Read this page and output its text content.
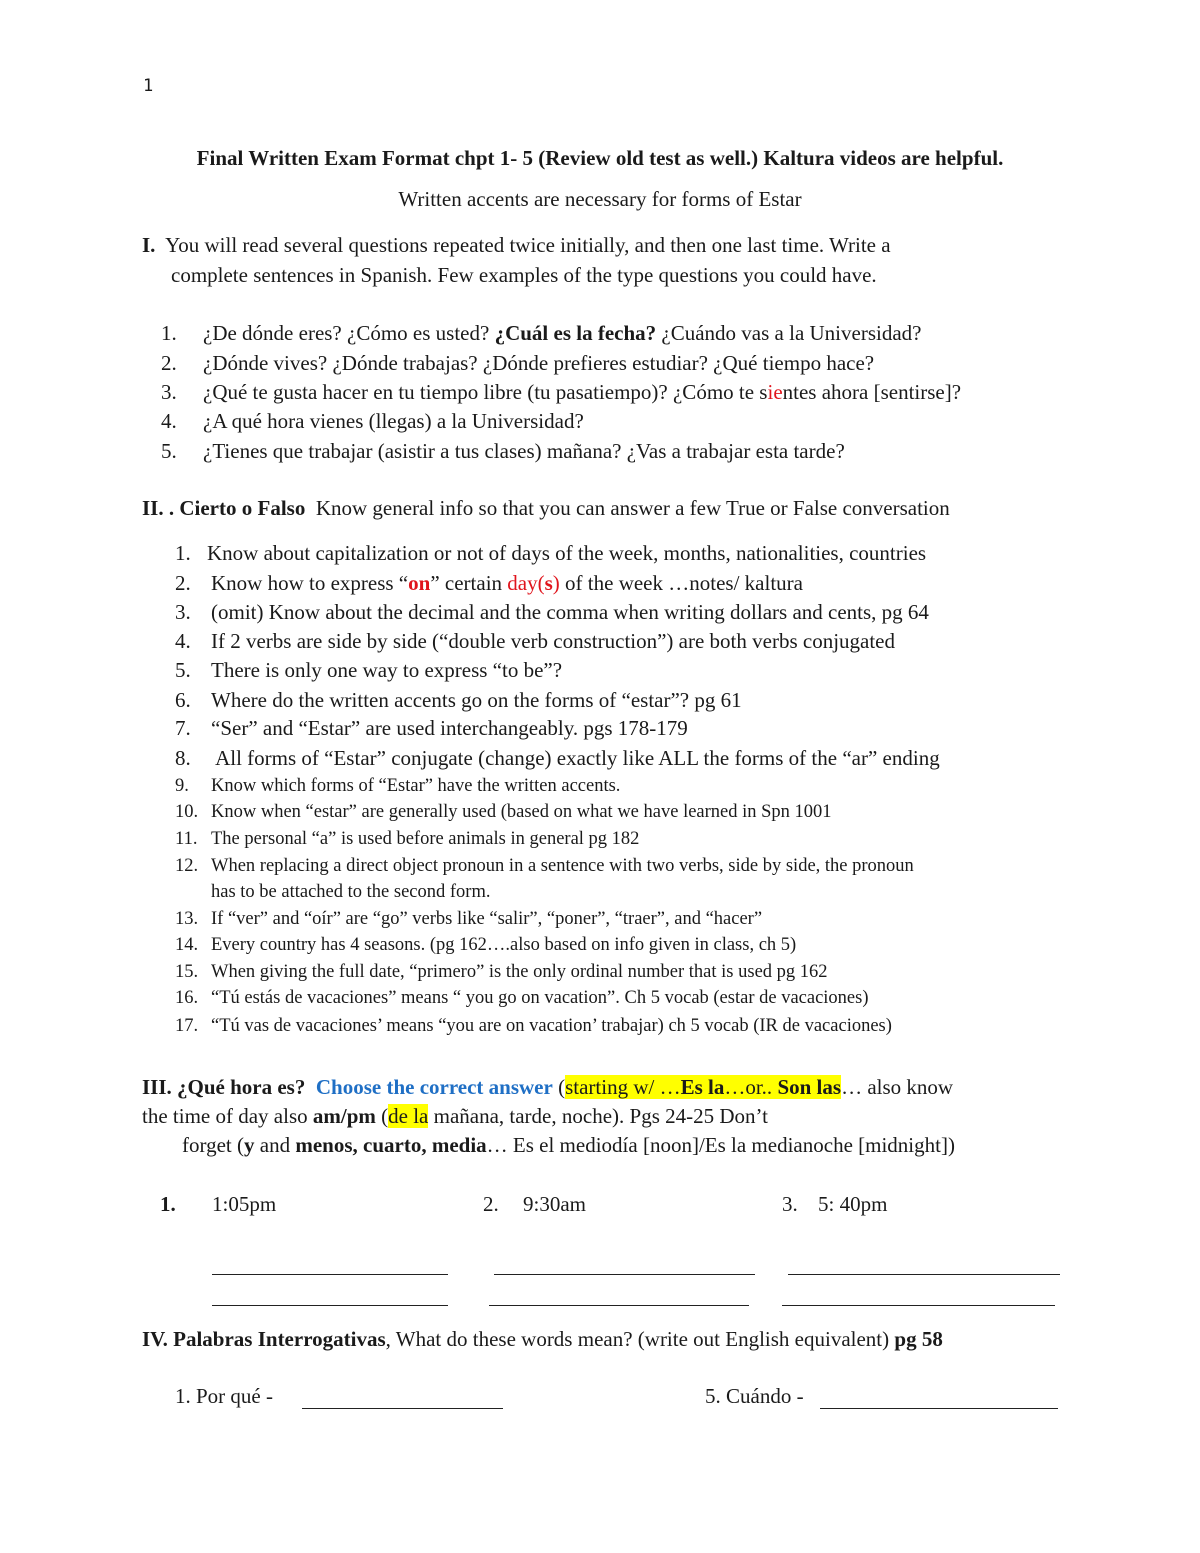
1
Final Written Exam Format chpt 1- 5 (Review old test as well.) Kaltura videos are helpful.
Written accents are necessary for forms of Estar
I. You will read several questions repeated twice initially, and then one last time. Write a
complete sentences in Spanish. Few examples of the type questions you could have.
1. ¿De dónde eres? ¿Cómo es usted? ¿Cuál es la fecha? ¿Cuándo vas a la Universidad?
2. ¿Dónde vives? ¿Dónde trabajas? ¿Dónde prefieres estudiar? ¿Qué tiempo hace?
3. ¿Qué te gusta hacer en tu tiempo libre (tu pasatiempo)? ¿Cómo te sientes ahora [sentirse]?
4. ¿A qué hora vienes (llegas) a la Universidad?
5. ¿Tienes que trabajar (asistir a tus clases) mañana? ¿Vas a trabajar esta tarde?
II. . Cierto o Falso Know general info so that you can answer a few True or False conversation
1. Know about capitalization or not of days of the week, months, nationalities, countries
2. Know how to express “on” certain day(s) of the week …notes/ kaltura
3. (omit) Know about the decimal and the comma when writing dollars and cents, pg 64
4. If 2 verbs are side by side (“double verb construction”) are both verbs conjugated
5. There is only one way to express “to be”?
6. Where do the written accents go on the forms of “estar”? pg 61
7. “Ser” and “Estar” are used interchangeably. pgs 178-179
8. All forms of “Estar” conjugate (change) exactly like ALL the forms of the “ar” ending
9. Know which forms of “Estar” have the written accents.
10. Know when “estar” are generally used (based on what we have learned in Spn 1001
11. The personal “a” is used before animals in general pg 182
12. When replacing a direct object pronoun in a sentence with two verbs, side by side, the pronoun
has to be attached to the second form.
13. If “ver” and “oír” are “go” verbs like “salir”, “poner”, “traer”, and “hacer”
14. Every country has 4 seasons. (pg 162….also based on info given in class, ch 5)
15. When giving the full date, “primero” is the only ordinal number that is used pg 162
16. “Tú estás de vacaciones” means “ you go on vacation”. Ch 5 vocab (estar de vacaciones)
17. “Tú vas de vacaciones’ means “you are on vacation’ trabajar) ch 5 vocab (IR de vacaciones)
III. ¿Qué hora es? Choose the correct answer (starting w/ …Es la…or.. Son las… also know
the time of day also am/pm (de la mañana, tarde, noche). Pgs 24-25 Don’t
forget (y and menos, cuarto, media… Es el mediodía [noon]/Es la medianoche [midnight])
1. 1:05pm	2. 9:30am	3. 5: 40pm
IV. Palabras Interrogativas, What do these words mean? (write out English equivalent) pg 58
1. Por qué -	5. Cuándo -
